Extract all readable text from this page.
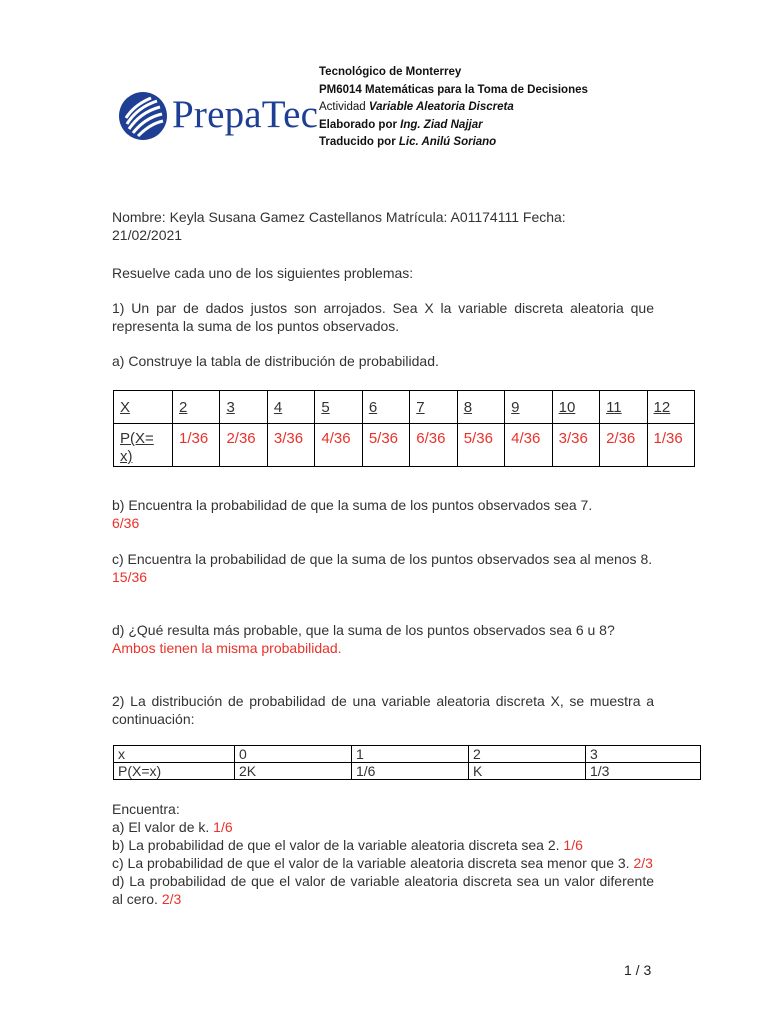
PrepaTec
Tecnológico de Monterrey
PM6014 Matemáticas para la Toma de Decisiones
Actividad Variable Aleatoria Discreta
Elaborado por Ing. Ziad Najjar
Traducido por Lic. Anilú Soriano
Nombre: Keyla Susana Gamez Castellanos Matrícula: A01174111 Fecha:
21/02/2021
Resuelve cada uno de los siguientes problemas:
1) Un par de dados justos son arrojados. Sea X la variable discreta aleatoria que representa la suma de los puntos observados.
a) Construye la tabla de distribución de probabilidad.
X	2	3	4	5	6	7	8	9	10	11	12
P(X= x)	1/36	2/36	3/36	4/36	5/36	6/36	5/36	4/36	3/36	2/36	1/36
b) Encuentra la probabilidad de que la suma de los puntos observados sea 7.
6/36
c) Encuentra la probabilidad de que la suma de los puntos observados sea al menos 8.
15/36
d) ¿Qué resulta más probable, que la suma de los puntos observados sea 6 u 8?
Ambos tienen la misma probabilidad.
2) La distribución de probabilidad de una variable aleatoria discreta X, se muestra a continuación:
x	0	1	2	3
P(X=x)	2K	1/6	K	1/3
Encuentra:
a) El valor de k. 1/6
b) La probabilidad de que el valor de la variable aleatoria discreta sea 2. 1/6
c) La probabilidad de que el valor de la variable aleatoria discreta sea menor que 3. 2/3
d) La probabilidad de que el valor de variable aleatoria discreta sea un valor diferente al cero. 2/3
1 / 3
